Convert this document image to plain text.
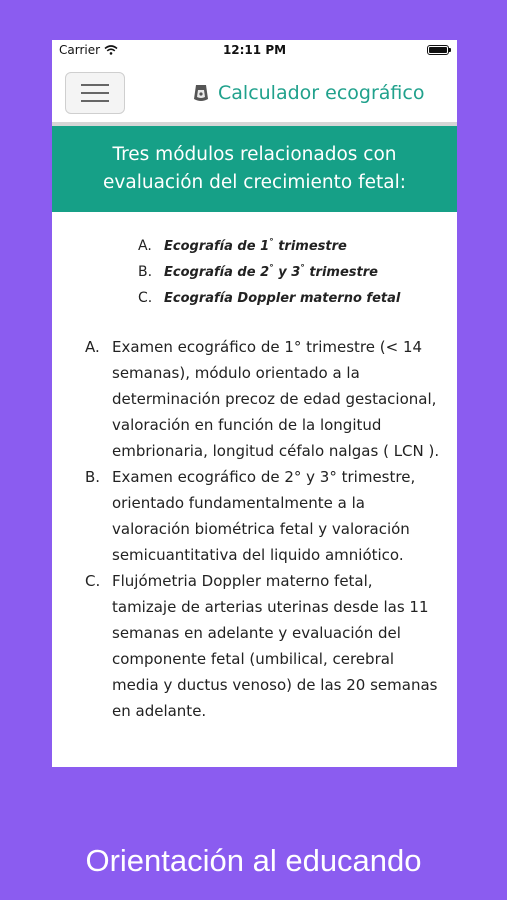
Carrier	12:11 PM
Calculador ecográfico
Tres módulos relacionados con
evaluación del crecimiento fetal:
A. Ecografía de 1° trimestre
B. Ecografía de 2° y 3° trimestre
C. Ecografía Doppler materno fetal
A. Examen ecográfico de 1° trimestre (< 14 semanas), módulo orientado a la determinación precoz de edad gestacional, valoración en función de la longitud embrionaria, longitud céfalo nalgas ( LCN ).
B. Examen ecográfico de 2° y 3° trimestre, orientado fundamentalmente a la valoración biométrica fetal y valoración semicuantitativa del liquido amniótico.
C. Flujómetria Doppler materno fetal, tamizaje de arterias uterinas desde las 11 semanas en adelante y evaluación del componente fetal (umbilical, cerebral media y ductus venoso) de las 20 semanas en adelante.
Orientación al educando
